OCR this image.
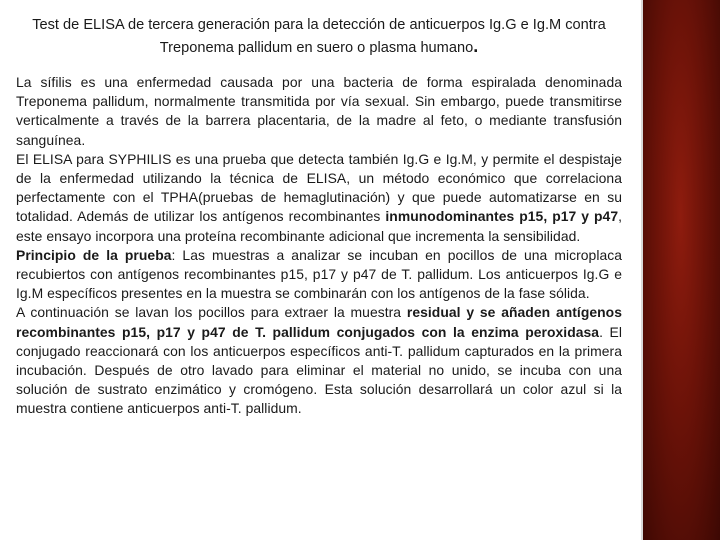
Test de ELISA de tercera generación para la detección de anticuerpos Ig.G e Ig.M contra Treponema pallidum en suero o plasma humano.

La sífilis es una enfermedad causada por una bacteria de forma espiralada denominada Treponema pallidum, normalmente transmitida por vía sexual. Sin embargo, puede transmitirse verticalmente a través de la barrera placentaria, de la madre al feto, o mediante transfusión sanguínea.

El ELISA para SYPHILIS es una prueba que detecta también Ig.G e Ig.M, y permite el despistaje de la enfermedad utilizando la técnica de ELISA, un método económico que correlaciona perfectamente con el TPHA(pruebas de hemaglutinación) y que puede automatizarse en su totalidad. Además de utilizar los antígenos recombinantes inmunodominantes p15, p17 y p47, este ensayo incorpora una proteína recombinante adicional que incrementa la sensibilidad.

Principio de la prueba: Las muestras a analizar se incuban en pocillos de una microplaca recubiertos con antígenos recombinantes p15, p17 y p47 de T. pallidum. Los anticuerpos Ig.G e Ig.M específicos presentes en la muestra se combinarán con los antígenos de la fase sólida.

A continuación se lavan los pocillos para extraer la muestra residual y se añaden antígenos recombinantes p15, p17 y p47 de T. pallidum conjugados con la enzima peroxidasa. El conjugado reaccionará con los anticuerpos específicos anti-T. pallidum capturados en la primera incubación. Después de otro lavado para eliminar el material no unido, se incuba con una solución de sustrato enzimático y cromógeno. Esta solución desarrollará un color azul si la muestra contiene anticuerpos anti-T. pallidum.
